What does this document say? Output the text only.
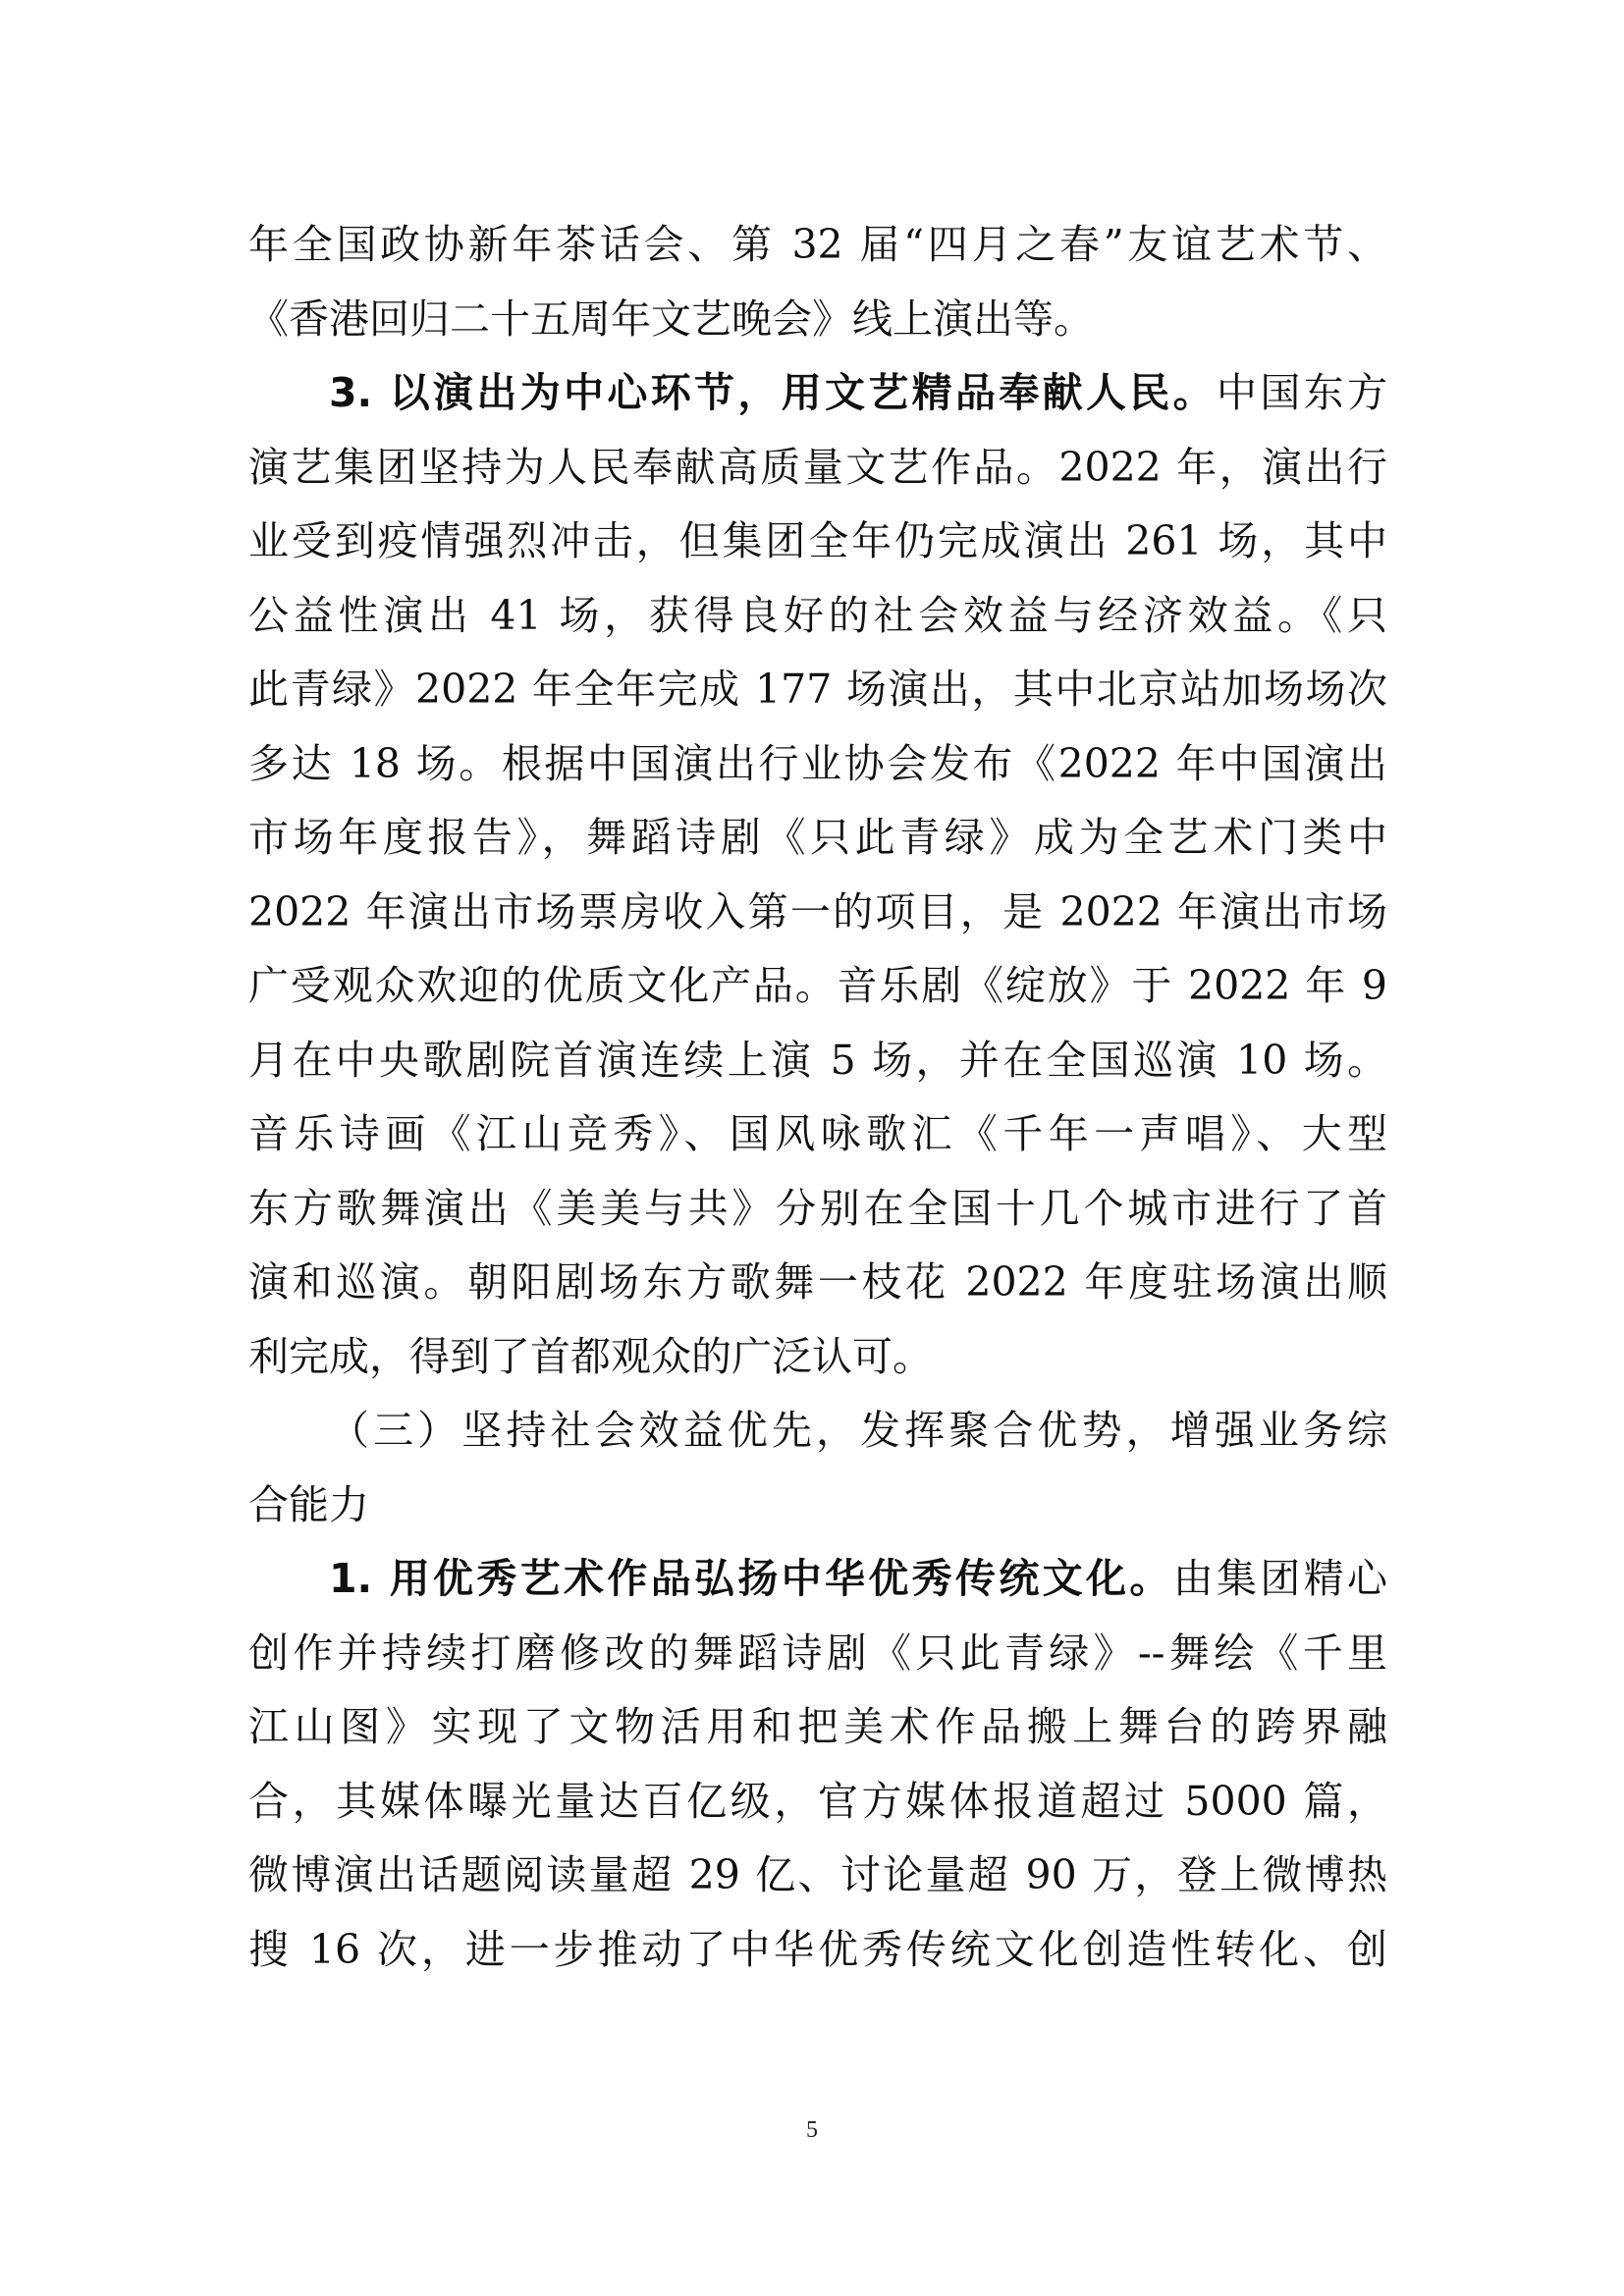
年全国政协新年茶话会、第 32 届“四月之春”友谊艺术节、
《香港回归二十五周年文艺晚会》线上演出等。
3. 以演出为中心环节，用文艺精品奉献人民。中国东方
演艺集团坚持为人民奉献高质量文艺作品。2022 年，演出行
业受到疫情强烈冲击，但集团全年仍完成演出 261 场，其中
公益性演出 41 场，获得良好的社会效益与经济效益。《只
此青绿》2022 年全年完成 177 场演出，其中北京站加场场次
多达 18 场。根据中国演出行业协会发布《2022 年中国演出
市场年度报告》，舞蹈诗剧《只此青绿》成为全艺术门类中
2022 年演出市场票房收入第一的项目，是 2022 年演出市场
广受观众欢迎的优质文化产品。音乐剧《绽放》于 2022 年 9
月在中央歌剧院首演连续上演 5 场，并在全国巡演 10 场。
音乐诗画《江山竞秀》、国风咏歌汇《千年一声唱》、大型
东方歌舞演出《美美与共》分别在全国十几个城市进行了首
演和巡演。朝阳剧场东方歌舞一枝花 2022 年度驻场演出顺
利完成，得到了首都观众的广泛认可。
（三）坚持社会效益优先，发挥聚合优势，增强业务综
合能力
1. 用优秀艺术作品弘扬中华优秀传统文化。由集团精心
创作并持续打磨修改的舞蹈诗剧《只此青绿》--舞绘《千里
江山图》实现了文物活用和把美术作品搬上舞台的跨界融
合，其媒体曝光量达百亿级，官方媒体报道超过 5000 篇，
微博演出话题阅读量超 29 亿、讨论量超 90 万，登上微博热
搜 16 次，进一步推动了中华优秀传统文化创造性转化、创
5
